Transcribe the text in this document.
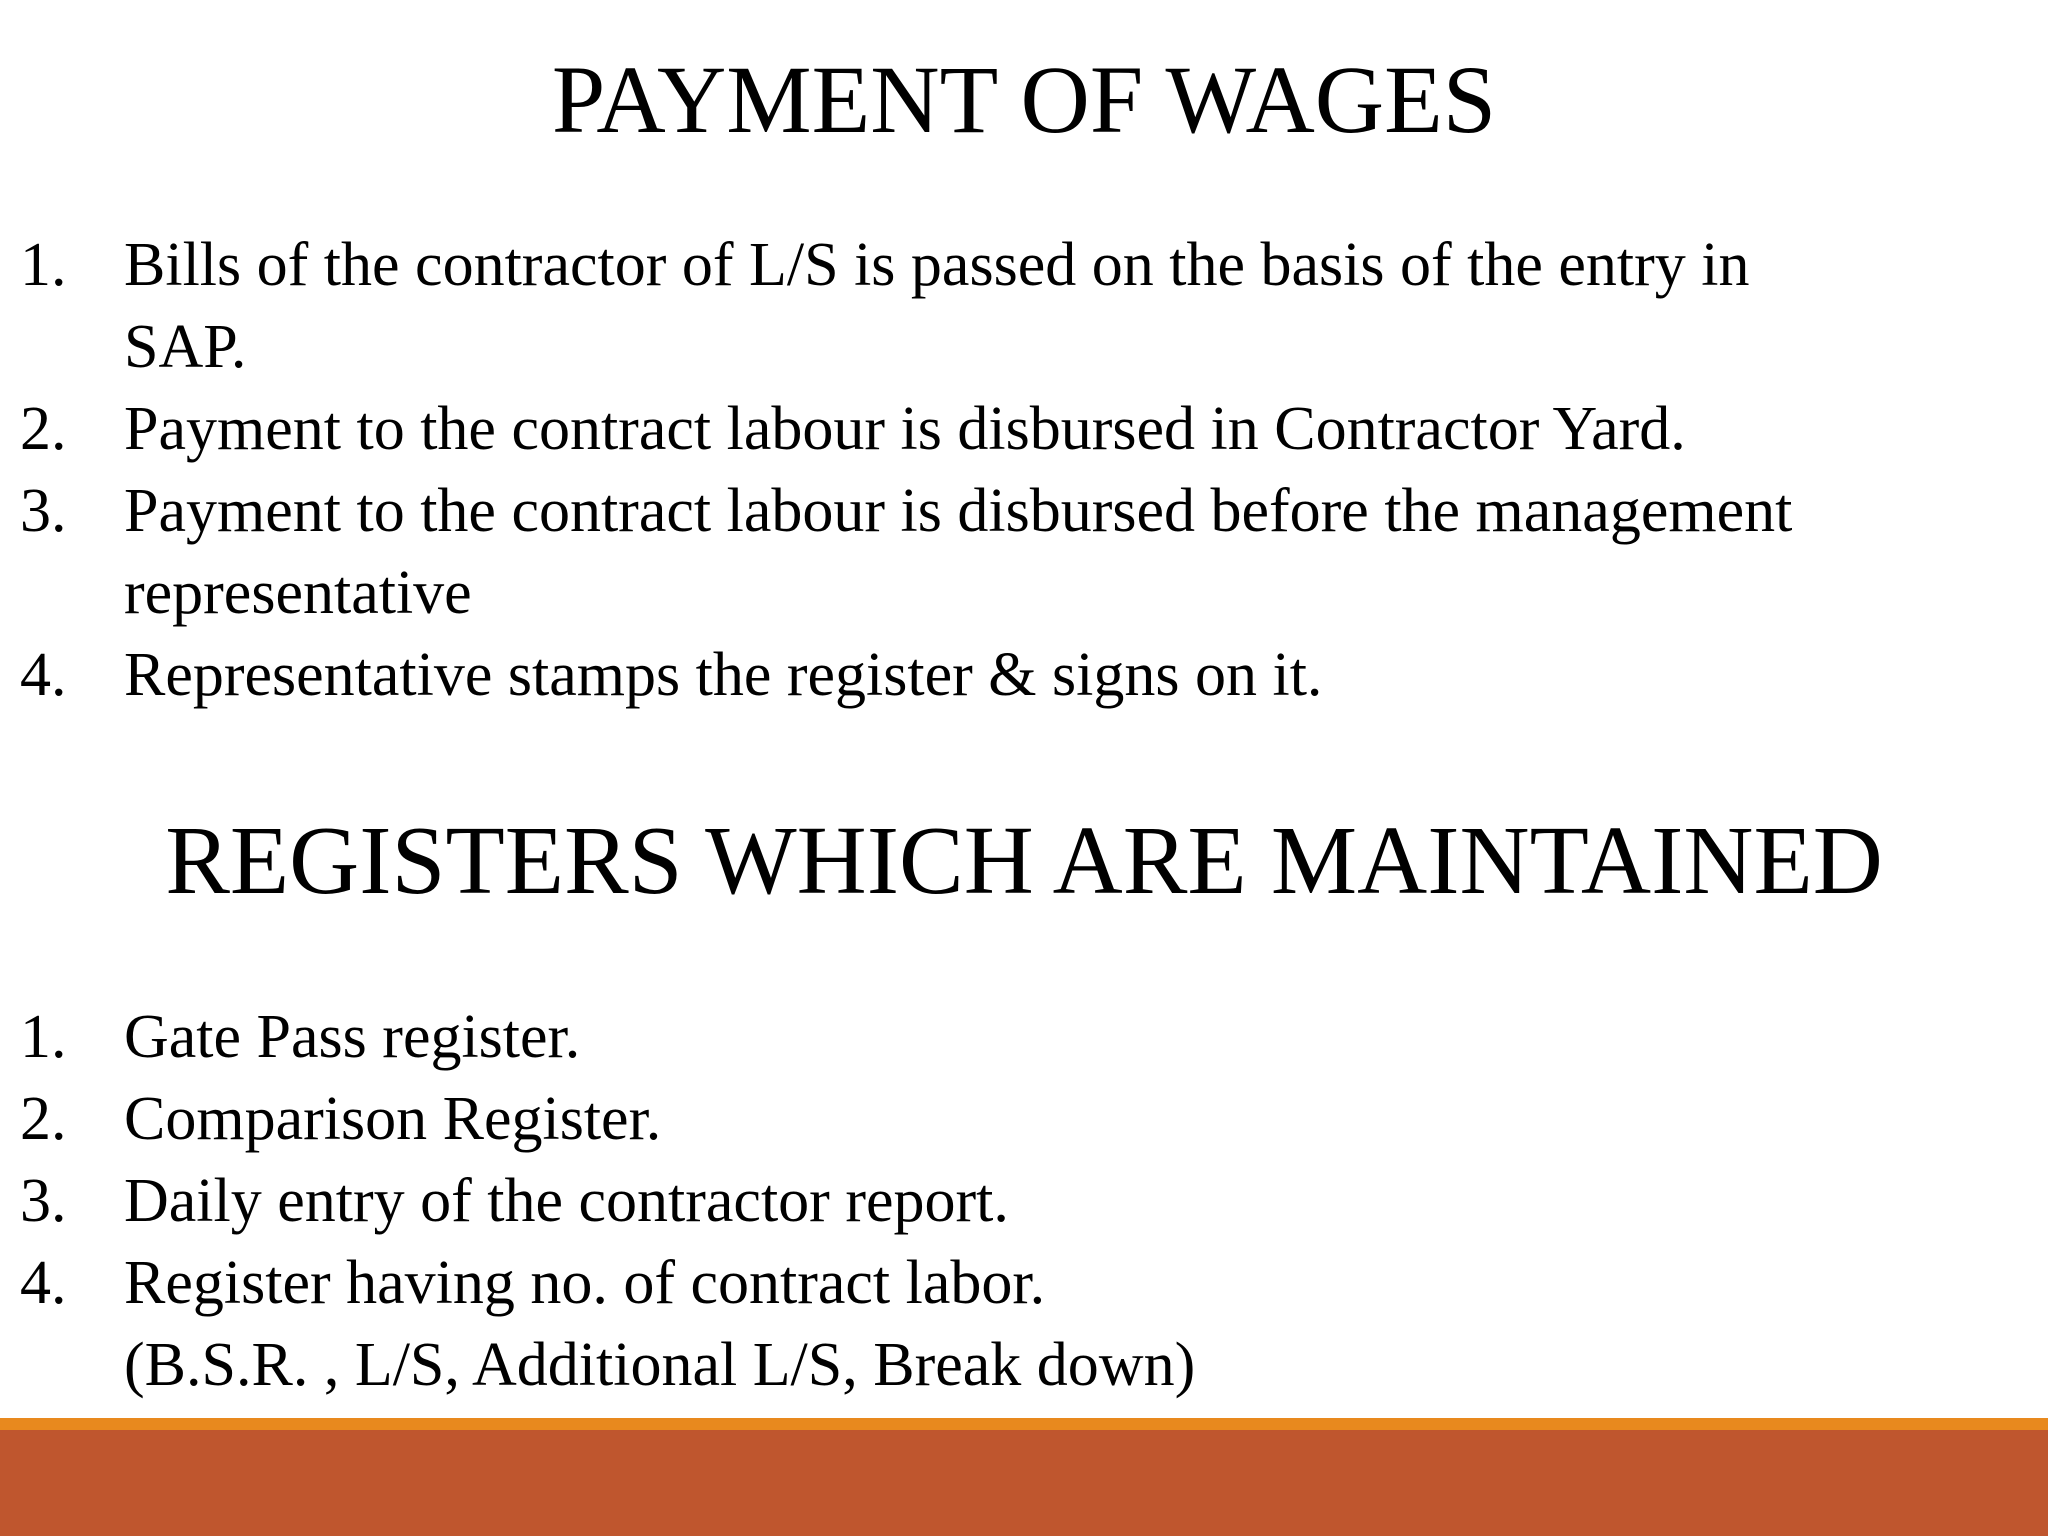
PAYMENT OF WAGES
1. Bills of the contractor of L/S is passed on the basis of the entry in
SAP.
2. Payment to the contract labour is disbursed in Contractor Yard.
3. Payment to the contract labour is disbursed before the management
representative
4. Representative stamps the register & signs on it.
REGISTERS WHICH ARE MAINTAINED
1. Gate Pass register.
2. Comparison Register.
3. Daily entry of the contractor report.
4. Register having no. of contract labor.
(B.S.R. , L/S, Additional L/S, Break down)
